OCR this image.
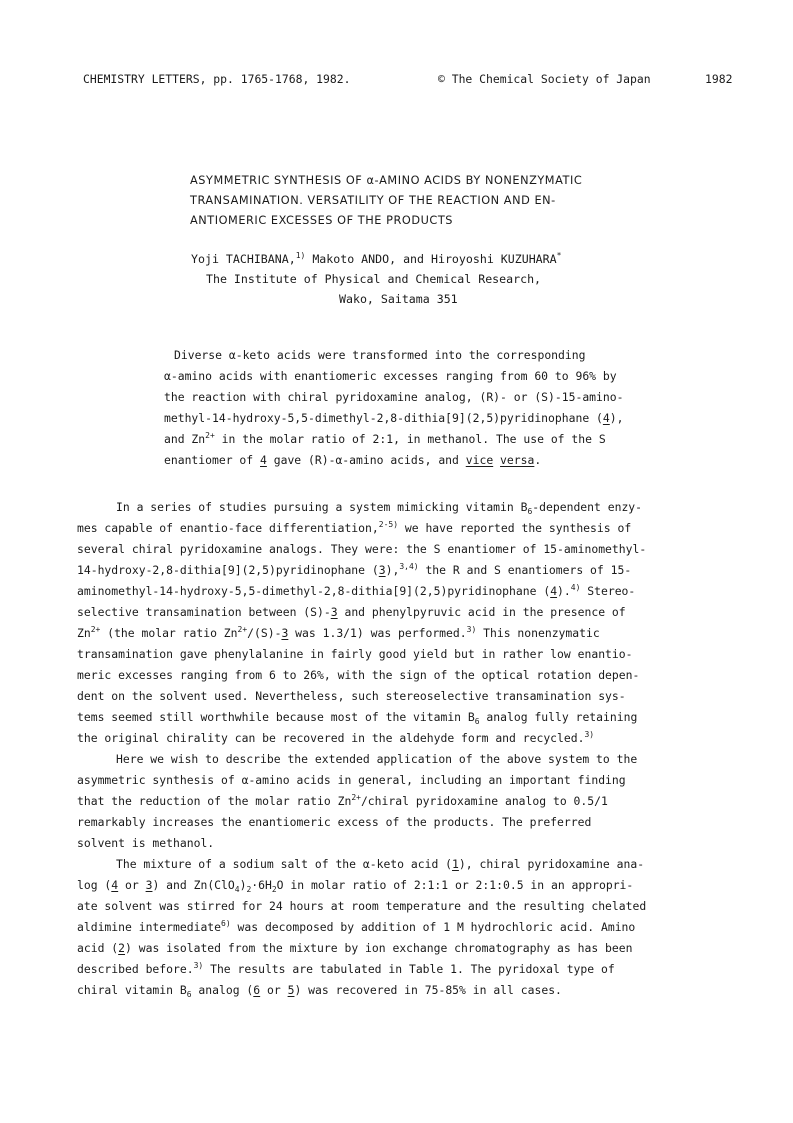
CHEMISTRY LETTERS, pp. 1765-1768, 1982.	© The Chemical Society of Japan	1982
ASYMMETRIC SYNTHESIS OF α-AMINO ACIDS BY NONENZYMATIC
TRANSAMINATION. VERSATILITY OF THE REACTION AND EN-
ANTIOMERIC EXCESSES OF THE PRODUCTS
Yoji TACHIBANA,$^{1)}$ Makoto ANDO, and Hiroyoshi KUZUHARA*
The Institute of Physical and Chemical Research,
Wako, Saitama 351
Diverse α-keto acids were transformed into the corresponding
α-amino acids with enantiomeric excesses ranging from 60 to 96% by
the reaction with chiral pyridoxamine analog, (R)- or (S)-15-amino-
methyl-14-hydroxy-5,5-dimethyl-2,8-dithia[9](2,5)pyridinophane (4),
and $Zn^{2+}$ in the molar ratio of 2:1, in methanol. The use of the S
enantiomer of 4 gave (R)-α-amino acids, and vice versa.
In a series of studies pursuing a system mimicking vitamin $B_6$-dependent enzy-
mes capable of enantio-face differentiation,$^{2-5)}$ we have reported the synthesis of
several chiral pyridoxamine analogs. They were: the S enantiomer of 15-aminomethyl-
14-hydroxy-2,8-dithia[9](2,5)pyridinophane (3),$^{3,4)}$ the R and S enantiomers of 15-
aminomethyl-14-hydroxy-5,5-dimethyl-2,8-dithia[9](2,5)pyridinophane (4).$^{4)}$ Stereo-
selective transamination between (S)-3 and phenylpyruvic acid in the presence of
$Zn^{2+}$ (the molar ratio $Zn^{2+}/(S)-3$ was 1.3/1) was performed.$^{3)}$ This nonenzymatic
transamination gave phenylalanine in fairly good yield but in rather low enantio-
meric excesses ranging from 6 to 26%, with the sign of the optical rotation depen-
dent on the solvent used. Nevertheless, such stereoselective transamination sys-
tems seemed still worthwhile because most of the vitamin $B_6$ analog fully retaining
the original chirality can be recovered in the aldehyde form and recycled.$^{3)}$
Here we wish to describe the extended application of the above system to the
asymmetric synthesis of α-amino acids in general, including an important finding
that the reduction of the molar ratio $Zn^{2+}$/chiral pyridoxamine analog to 0.5/1
remarkably increases the enantiomeric excess of the products. The preferred
solvent is methanol.
The mixture of a sodium salt of the α-keto acid (1), chiral pyridoxamine ana-
log (4 or 3) and $Zn(ClO_4)_2\cdot 6H_2O$ in molar ratio of 2:1:1 or 2:1:0.5 in an appropri-
ate solvent was stirred for 24 hours at room temperature and the resulting chelated
aldimine intermediate$^{6)}$ was decomposed by addition of 1 M hydrochloric acid. Amino
acid (2) was isolated from the mixture by ion exchange chromatography as has been
described before.$^{3)}$ The results are tabulated in Table 1. The pyridoxal type of
chiral vitamin $B_6$ analog (6 or 5) was recovered in 75-85% in all cases.
